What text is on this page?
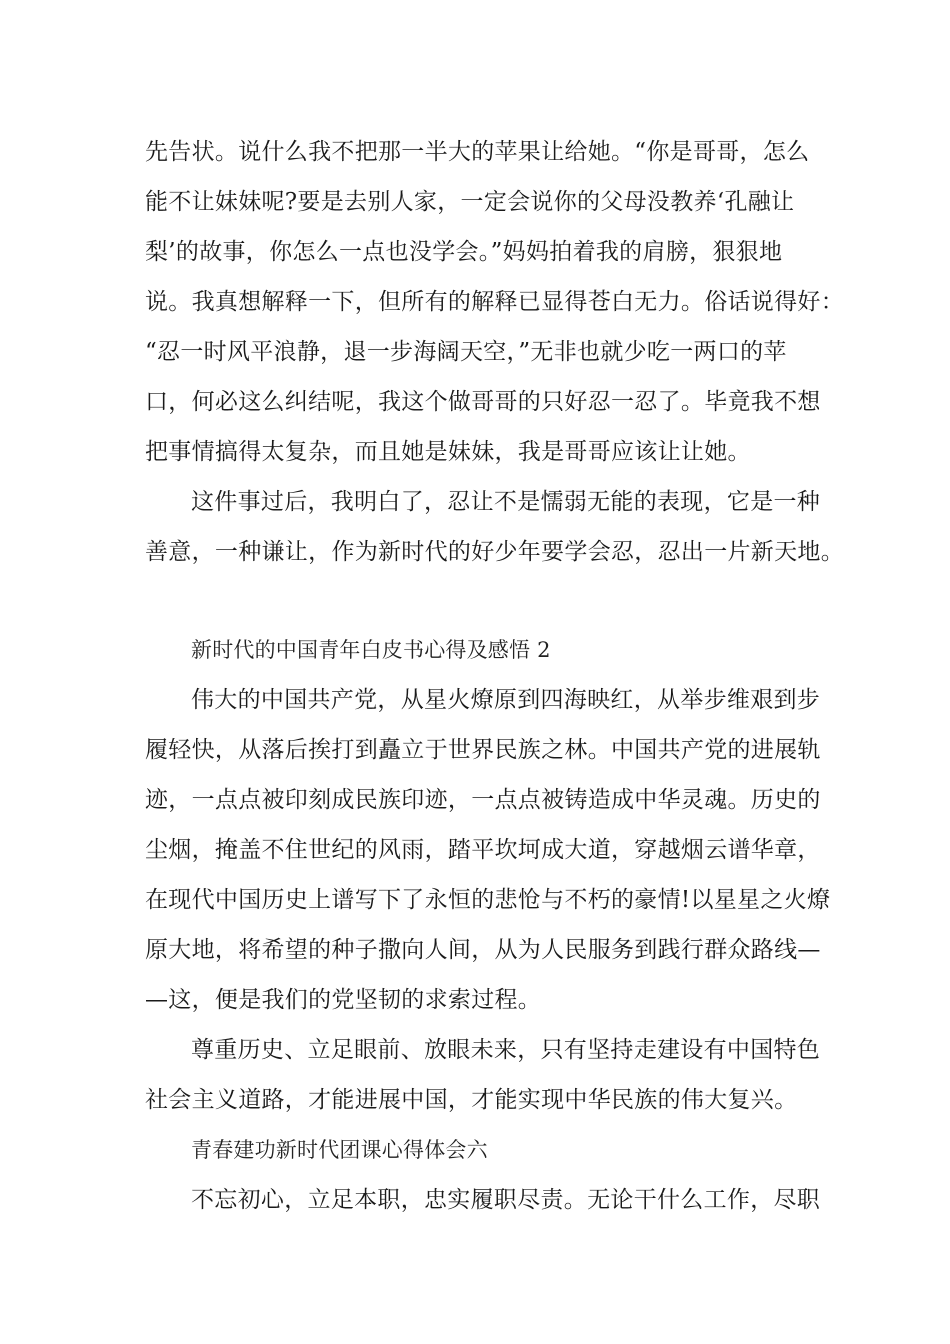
先告状。说什么我不把那一半大的苹果让给她。“你是哥哥，怎么
能不让妹妹呢?要是去别人家，一定会说你的父母没教养‘孔融让
梨’的故事，你怎么一点也没学会。”妈妈拍着我的肩膀，狠狠地
说。我真想解释一下，但所有的解释已显得苍白无力。俗话说得好：
“忍一时风平浪静，退一步海阔天空，”无非也就少吃一两口的苹
口，何必这么纠结呢，我这个做哥哥的只好忍一忍了。毕竟我不想
把事情搞得太复杂，而且她是妹妹，我是哥哥应该让让她。
这件事过后，我明白了，忍让不是懦弱无能的表现，它是一种
善意，一种谦让，作为新时代的好少年要学会忍，忍出一片新天地。
新时代的中国青年白皮书心得及感悟 2
伟大的中国共产党，从星火燎原到四海映红，从举步维艰到步
履轻快，从落后挨打到矗立于世界民族之林。中国共产党的进展轨
迹，一点点被印刻成民族印迹，一点点被铸造成中华灵魂。历史的
尘烟，掩盖不住世纪的风雨，踏平坎坷成大道，穿越烟云谱华章，
在现代中国历史上谱写下了永恒的悲怆与不朽的豪情!以星星之火燎
原大地，将希望的种子撒向人间，从为人民服务到践行群众路线—
—这，便是我们的党坚韧的求索过程。
尊重历史、立足眼前、放眼未来，只有坚持走建设有中国特色
社会主义道路，才能进展中国，才能实现中华民族的伟大复兴。
青春建功新时代团课心得体会六
不忘初心，立足本职，忠实履职尽责。无论干什么工作，尽职
